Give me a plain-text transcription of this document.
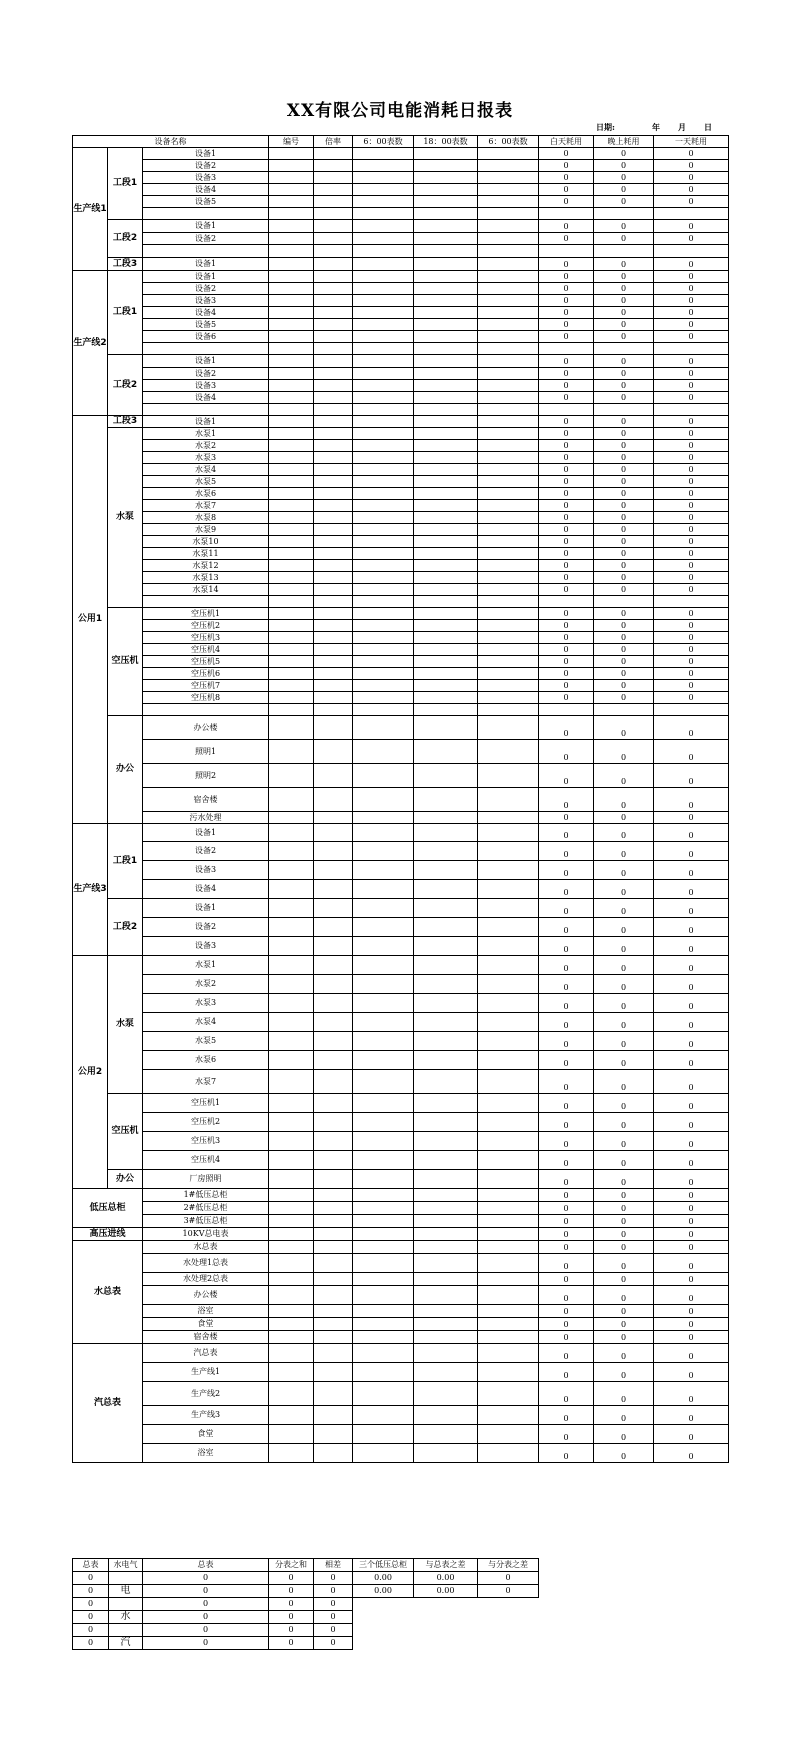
XX有限公司电能消耗日报表
日期:	年 月 日
设备名称			编号	倍率	6：00表数	18：00表数	6：00表数	白天耗用	晚上耗用	一天耗用
生产线1	工段1	设备1						0	0	0
		设备2						0	0	0
		设备3						0	0	0
		设备4						0	0	0
		设备5						0	0	0

	工段2	设备1						0	0	0
		设备2						0	0	0

	工段3	设备1						0	0	0
生产线2	工段1	设备1						0	0	0
		设备2						0	0	0
		设备3						0	0	0
		设备4						0	0	0
		设备5						0	0	0
		设备6						0	0	0

	工段2	设备1						0	0	0
		设备2						0	0	0
		设备3						0	0	0
		设备4						0	0	0

公用1	工段3	设备1						0	0	0
	水泵	水泵1						0	0	0
		水泵2						0	0	0
		水泵3						0	0	0
		水泵4						0	0	0
		水泵5						0	0	0
		水泵6						0	0	0
		水泵7						0	0	0
		水泵8						0	0	0
		水泵9						0	0	0
		水泵10						0	0	0
		水泵11						0	0	0
		水泵12						0	0	0
		水泵13						0	0	0
		水泵14						0	0	0

	空压机	空压机1						0	0	0
		空压机2						0	0	0
		空压机3						0	0	0
		空压机4						0	0	0
		空压机5						0	0	0
		空压机6						0	0	0
		空压机7						0	0	0
		空压机8						0	0	0

	办公	办公楼						0	0	0
		照明1						0	0	0
		照明2						0	0	0
		宿舍楼						0	0	0
		污水处理						0	0	0
生产线3	工段1	设备1						0	0	0
		设备2						0	0	0
		设备3						0	0	0
		设备4						0	0	0
	工段2	设备1						0	0	0
		设备2						0	0	0
		设备3						0	0	0
公用2	水泵	水泵1						0	0	0
		水泵2						0	0	0
		水泵3						0	0	0
		水泵4						0	0	0
		水泵5						0	0	0
		水泵6						0	0	0
		水泵7						0	0	0
	空压机	空压机1						0	0	0
		空压机2						0	0	0
		空压机3						0	0	0
		空压机4						0	0	0
	办公	厂房照明						0	0	0
低压总柜		1#低压总柜						0	0	0
		2#低压总柜						0	0	0
		3#低压总柜						0	0	0
高压进线		10KV总电表						0	0	0
水总表		水总表						0	0	0
		水处理1总表						0	0	0
		水处理2总表						0	0	0
		办公楼						0	0	0
		浴室						0	0	0
		食堂						0	0	0
		宿舍楼						0	0	0
汽总表		汽总表						0	0	0
		生产线1						0	0	0
		生产线2						0	0	0
		生产线3						0	0	0
		食堂						0	0	0
		浴室						0	0	0
总表	水电气	总表	分表之和	相差	三个低压总柜	与总表之差	与分表之差
0		0	0	0	0.00	0.00	0
0	电	0	0	0	0.00	0.00	0
0		0	0	0			
0	水	0	0	0			
0		0	0	0			
0	汽	0	0	0			
